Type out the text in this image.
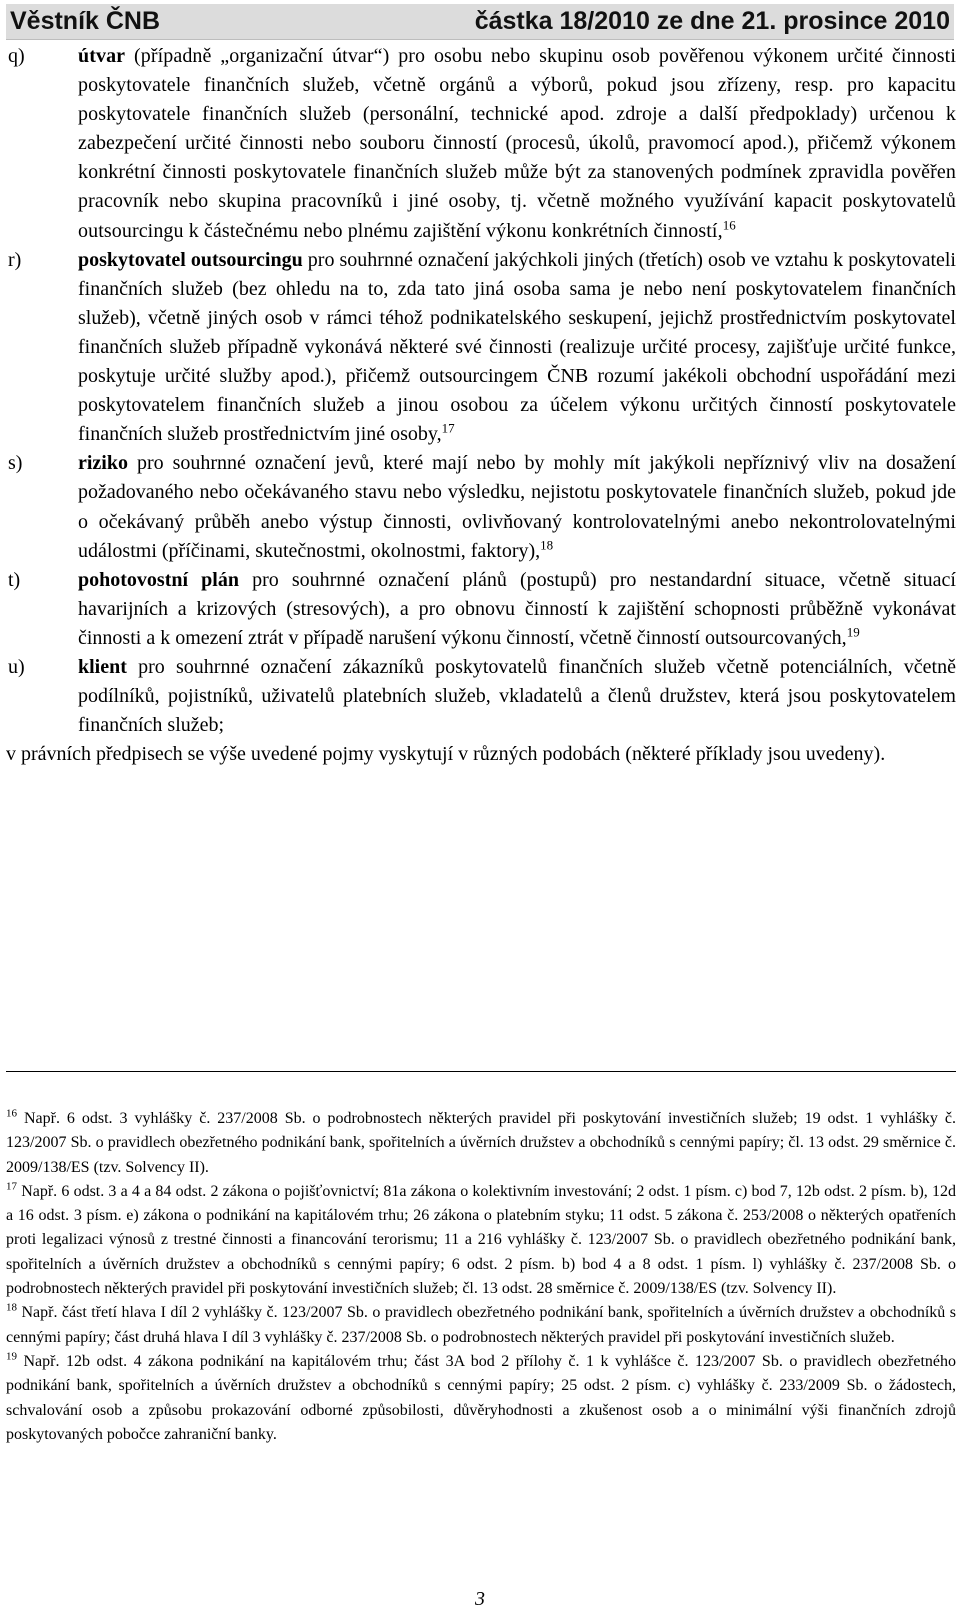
Věstník ČNB	částka 18/2010 ze dne 21. prosince 2010
q)	útvar (případně „organizační útvar“) pro osobu nebo skupinu osob pověřenou výkonem určité činnosti poskytovatele finančních služeb, včetně orgánů a výborů, pokud jsou zřízeny, resp. pro kapacitu poskytovatele finančních služeb (personální, technické apod. zdroje a další předpoklady) určenou k zabezpečení určité činnosti nebo souboru činností (procesů, úkolů, pravomocí apod.), přičemž výkonem konkrétní činnosti poskytovatele finančních služeb může být za stanovených podmínek zpravidla pověřen pracovník nebo skupina pracovníků i jiné osoby, tj. včetně možného využívání kapacit poskytovatelů outsourcingu k částečnému nebo plnému zajištění výkonu konkrétních činností,$^{16}$
r)	poskytovatel outsourcingu pro souhrnné označení jakýchkoli jiných (třetích) osob ve vztahu k poskytovateli finančních služeb (bez ohledu na to, zda tato jiná osoba sama je nebo není poskytovatelem finančních služeb), včetně jiných osob v rámci téhož podnikatelského seskupení, jejichž prostřednictvím poskytovatel finančních služeb případně vykonává některé své činnosti (realizuje určité procesy, zajišťuje určité funkce, poskytuje určité služby apod.), přičemž outsourcingem ČNB rozumí jakékoli obchodní uspořádání mezi poskytovatelem finančních služeb a jinou osobou za účelem výkonu určitých činností poskytovatele finančních služeb prostřednictvím jiné osoby,$^{17}$
s)	riziko pro souhrnné označení jevů, které mají nebo by mohly mít jakýkoli nepříznivý vliv na dosažení požadovaného nebo očekávaného stavu nebo výsledku, nejistotu poskytovatele finančních služeb, pokud jde o očekávaný průběh anebo výstup činnosti, ovlivňovaný kontrolovatelnými anebo nekontrolovatelnými událostmi (příčinami, skutečnostmi, okolnostmi, faktory),$^{18}$
t)	pohotovostní plán pro souhrnné označení plánů (postupů) pro nestandardní situace, včetně situací havarijních a krizových (stresových), a pro obnovu činností k zajištění schopnosti průběžně vykonávat činnosti a k omezení ztrát v případě narušení výkonu činností, včetně činností outsourcovaných,$^{19}$
u)	klient pro souhrnné označení zákazníků poskytovatelů finančních služeb včetně potenciálních, včetně podílníků, pojistníků, uživatelů platebních služeb, vkladatelů a členů družstev, která jsou poskytovatelem finančních služeb;

v právních předpisech se výše uvedené pojmy vyskytují v různých podobách (některé příklady jsou uvedeny).

$^{16}$ Např. 6 odst. 3 vyhlášky č. 237/2008 Sb. o podrobnostech některých pravidel při poskytování investičních služeb; 19 odst. 1 vyhlášky č. 123/2007 Sb. o pravidlech obezřetného podnikání bank, spořitelních a úvěrních družstev a obchodníků s cennými papíry; čl. 13 odst. 29 směrnice č. 2009/138/ES (tzv. Solvency II).

$^{17}$ Např. 6 odst. 3 a 4 a 84 odst. 2 zákona o pojišťovnictví; 81a zákona o kolektivním investování; 2 odst. 1 písm. c) bod 7, 12b odst. 2 písm. b), 12d a 16 odst. 3 písm. e) zákona o podnikání na kapitálovém trhu; 26 zákona o platebním styku; 11 odst. 5 zákona č. 253/2008 o některých opatřeních proti legalizaci výnosů z trestné činnosti a financování terorismu; 11 a 216 vyhlášky č. 123/2007 Sb. o pravidlech obezřetného podnikání bank, spořitelních a úvěrních družstev a obchodníků s cennými papíry; 6 odst. 2 písm. b) bod 4 a 8 odst. 1 písm. l) vyhlášky č. 237/2008 Sb. o podrobnostech některých pravidel při poskytování investičních služeb; čl. 13 odst. 28 směrnice č. 2009/138/ES (tzv. Solvency II).

$^{18}$ Např. část třetí hlava I díl 2 vyhlášky č. 123/2007 Sb. o pravidlech obezřetného podnikání bank, spořitelních a úvěrních družstev a obchodníků s cennými papíry; část druhá hlava I díl 3 vyhlášky č. 237/2008 Sb. o podrobnostech některých pravidel při poskytování investičních služeb.

$^{19}$ Např. 12b odst. 4 zákona podnikání na kapitálovém trhu; část 3A bod 2 přílohy č. 1 k vyhlášce č. 123/2007 Sb. o pravidlech obezřetného podnikání bank, spořitelních a úvěrních družstev a obchodníků s cennými papíry; 25 odst. 2 písm. c) vyhlášky č. 233/2009 Sb. o žádostech, schvalování osob a způsobu prokazování odborné způsobilosti, důvěryhodnosti a zkušenost osob a o minimální výši finančních zdrojů poskytovaných pobočce zahraniční banky.

3
